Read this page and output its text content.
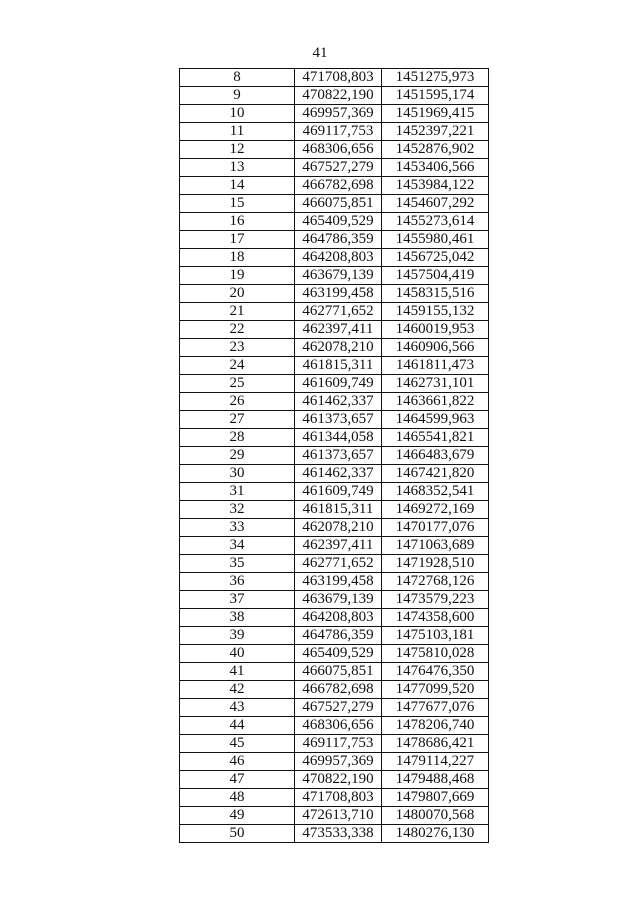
41
8	471708,803	1451275,973
9	470822,190	1451595,174
10	469957,369	1451969,415
11	469117,753	1452397,221
12	468306,656	1452876,902
13	467527,279	1453406,566
14	466782,698	1453984,122
15	466075,851	1454607,292
16	465409,529	1455273,614
17	464786,359	1455980,461
18	464208,803	1456725,042
19	463679,139	1457504,419
20	463199,458	1458315,516
21	462771,652	1459155,132
22	462397,411	1460019,953
23	462078,210	1460906,566
24	461815,311	1461811,473
25	461609,749	1462731,101
26	461462,337	1463661,822
27	461373,657	1464599,963
28	461344,058	1465541,821
29	461373,657	1466483,679
30	461462,337	1467421,820
31	461609,749	1468352,541
32	461815,311	1469272,169
33	462078,210	1470177,076
34	462397,411	1471063,689
35	462771,652	1471928,510
36	463199,458	1472768,126
37	463679,139	1473579,223
38	464208,803	1474358,600
39	464786,359	1475103,181
40	465409,529	1475810,028
41	466075,851	1476476,350
42	466782,698	1477099,520
43	467527,279	1477677,076
44	468306,656	1478206,740
45	469117,753	1478686,421
46	469957,369	1479114,227
47	470822,190	1479488,468
48	471708,803	1479807,669
49	472613,710	1480070,568
50	473533,338	1480276,130
